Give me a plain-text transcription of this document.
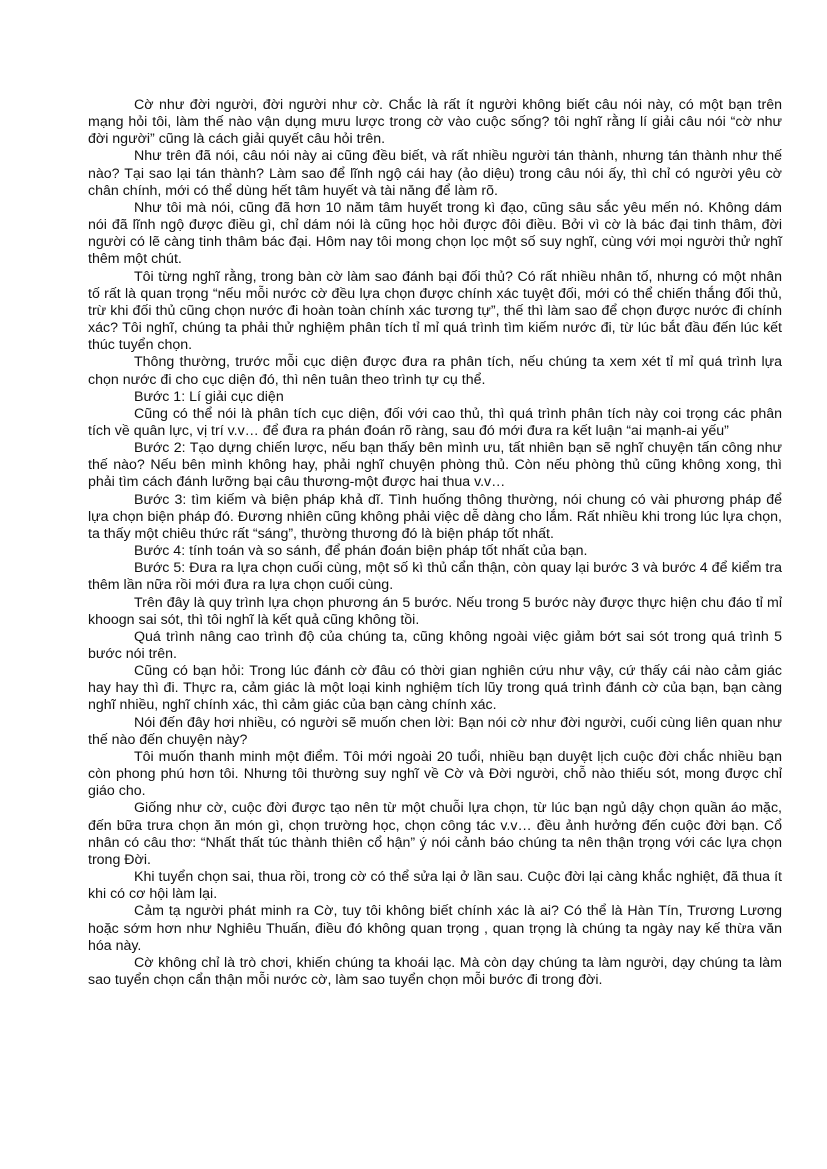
Cờ như đời người, đời người như cờ. Chắc là rất ít người không biết câu nói này, có một bạn trên mạng hỏi tôi, làm thế nào vận dụng mưu lược trong cờ vào cuộc sống? tôi nghĩ rằng lí giải câu nói “cờ như đời người” cũng là cách giải quyết câu hỏi trên.

Như trên đã nói, câu nói này ai cũng đều biết, và rất nhiều người tán thành, nhưng tán thành như thế nào? Tại sao lại tán thành? Làm sao để lĩnh ngộ cái hay (ảo diệu) trong câu nói ấy, thì chỉ có người yêu cờ chân chính, mới có thể dùng hết tâm huyết và tài năng để làm rõ.

Như tôi mà nói, cũng đã hơn 10 năm tâm huyết trong kì đạo, cũng sâu sắc yêu mến nó. Không dám nói đã lĩnh ngộ được điều gì, chỉ dám nói là cũng học hỏi được đôi điều. Bởi vì cờ là bác đại tinh thâm, đời người có lẽ càng tinh thâm bác đại. Hôm nay tôi mong chọn lọc một số suy nghĩ, cùng với mọi người thử nghĩ thêm một chút.

Tôi từng nghĩ rằng, trong bàn cờ làm sao đánh bại đối thủ? Có rất nhiều nhân tố, nhưng có một nhân tố rất là quan trọng “nếu mỗi nước cờ đều lựa chọn được chính xác tuyệt đối, mới có thể chiến thắng đối thủ, trừ khi đối thủ cũng chọn nước đi hoàn toàn chính xác tương tự”, thế thì làm sao để chọn được nước đi chính xác? Tôi nghĩ, chúng ta phải thử nghiệm phân tích tỉ mỉ quá trình tìm kiếm nước đi, từ lúc bắt đầu đến lúc kết thúc tuyển chọn.

Thông thường, trước mỗi cục diện được đưa ra phân tích, nếu chúng ta xem xét tỉ mỉ quá trình lựa chọn nước đi cho cục diện đó, thì nên tuân theo trình tự cụ thể.

Bước 1: Lí giải cục diện

Cũng có thể nói là phân tích cục diện, đối với cao thủ, thì quá trình phân tích này coi trọng các phân tích về quân lực, vị trí v.v… để đưa ra phán đoán rõ ràng, sau đó mới đưa ra kết luận “ai mạnh-ai yếu”

Bước 2: Tạo dựng chiến lược, nếu bạn thấy bên mình ưu, tất nhiên bạn sẽ nghĩ chuyện tấn công như thế nào? Nếu bên mình không hay, phải nghĩ chuyện phòng thủ. Còn nếu phòng thủ cũng không xong, thì phải tìm cách đánh lưỡng bại câu thương-một được hai thua v.v…

Bước 3: tìm kiếm và biện pháp khả dĩ. Tình huống thông thường, nói chung có vài phương pháp để lựa chọn biện pháp đó. Đương nhiên cũng không phải việc dễ dàng cho lắm. Rất nhiều khi trong lúc lựa chọn, ta thấy một chiêu thức rất “sáng”, thường thương đó là biện pháp tốt nhất.

Bước 4: tính toán và so sánh, để phán đoán biện pháp tốt nhất của bạn.

Bước 5: Đưa ra lựa chọn cuối cùng, một số kì thủ cẩn thận, còn quay lại bước 3 và bước 4 để kiểm tra thêm lần nữa rồi mới đưa ra lựa chọn cuối cùng.

Trên đây là quy trình lựa chọn phương án 5 bước. Nếu trong 5 bước này được thực hiện chu đáo tỉ mỉ khoogn sai sót, thì tôi nghĩ là kết quả cũng không tồi.

Quá trình nâng cao trình độ của chúng ta, cũng không ngoài việc giảm bớt sai sót trong quá trình 5 bước nói trên.

Cũng có bạn hỏi: Trong lúc đánh cờ đâu có thời gian nghiên cứu như vậy, cứ thấy cái nào cảm giác hay hay thì đi. Thực ra, cảm giác là một loại kinh nghiệm tích lũy trong quá trình đánh cờ của bạn, bạn càng nghĩ nhiều, nghĩ chính xác, thì cảm giác của bạn càng chính xác.

Nói đến đây hơi nhiều, có người sẽ muốn chen lời: Bạn nói cờ như đời người, cuối cùng liên quan như thế nào đến chuyện này?

Tôi muốn thanh minh một điểm. Tôi mới ngoài 20 tuổi, nhiều bạn duyệt lịch cuộc đời chắc nhiều bạn còn phong phú hơn tôi. Nhưng tôi thường suy nghĩ về Cờ và Đời người, chỗ nào thiếu sót, mong được chỉ giáo cho.

Giống như cờ, cuộc đời được tạo nên từ một chuỗi lựa chọn, từ lúc bạn ngủ dậy chọn quần áo mặc, đến bữa trưa chọn ăn món gì, chọn trường học, chọn công tác v.v… đều ảnh hưởng đến cuộc đời bạn. Cổ nhân có câu thơ: “Nhất thất túc thành thiên cổ hận” ý nói cảnh báo chúng ta nên thận trọng với các lựa chọn trong Đời.

Khi tuyển chọn sai, thua rồi, trong cờ có thể sửa lại ở lần sau. Cuộc đời lại càng khắc nghiệt, đã thua ít khi có cơ hội làm lại.

Cảm tạ người phát minh ra Cờ, tuy tôi không biết chính xác là ai? Có thể là Hàn Tín, Trương Lương hoặc sớm hơn như Nghiêu Thuấn, điều đó không quan trọng , quan trọng là chúng ta ngày nay kế thừa văn hóa này.

Cờ không chỉ là trò chơi, khiến chúng ta khoái lạc. Mà còn dạy chúng ta làm người, dạy chúng ta làm sao tuyển chọn cẩn thận mỗi nước cờ, làm sao tuyển chọn mỗi bước đi trong đời.
